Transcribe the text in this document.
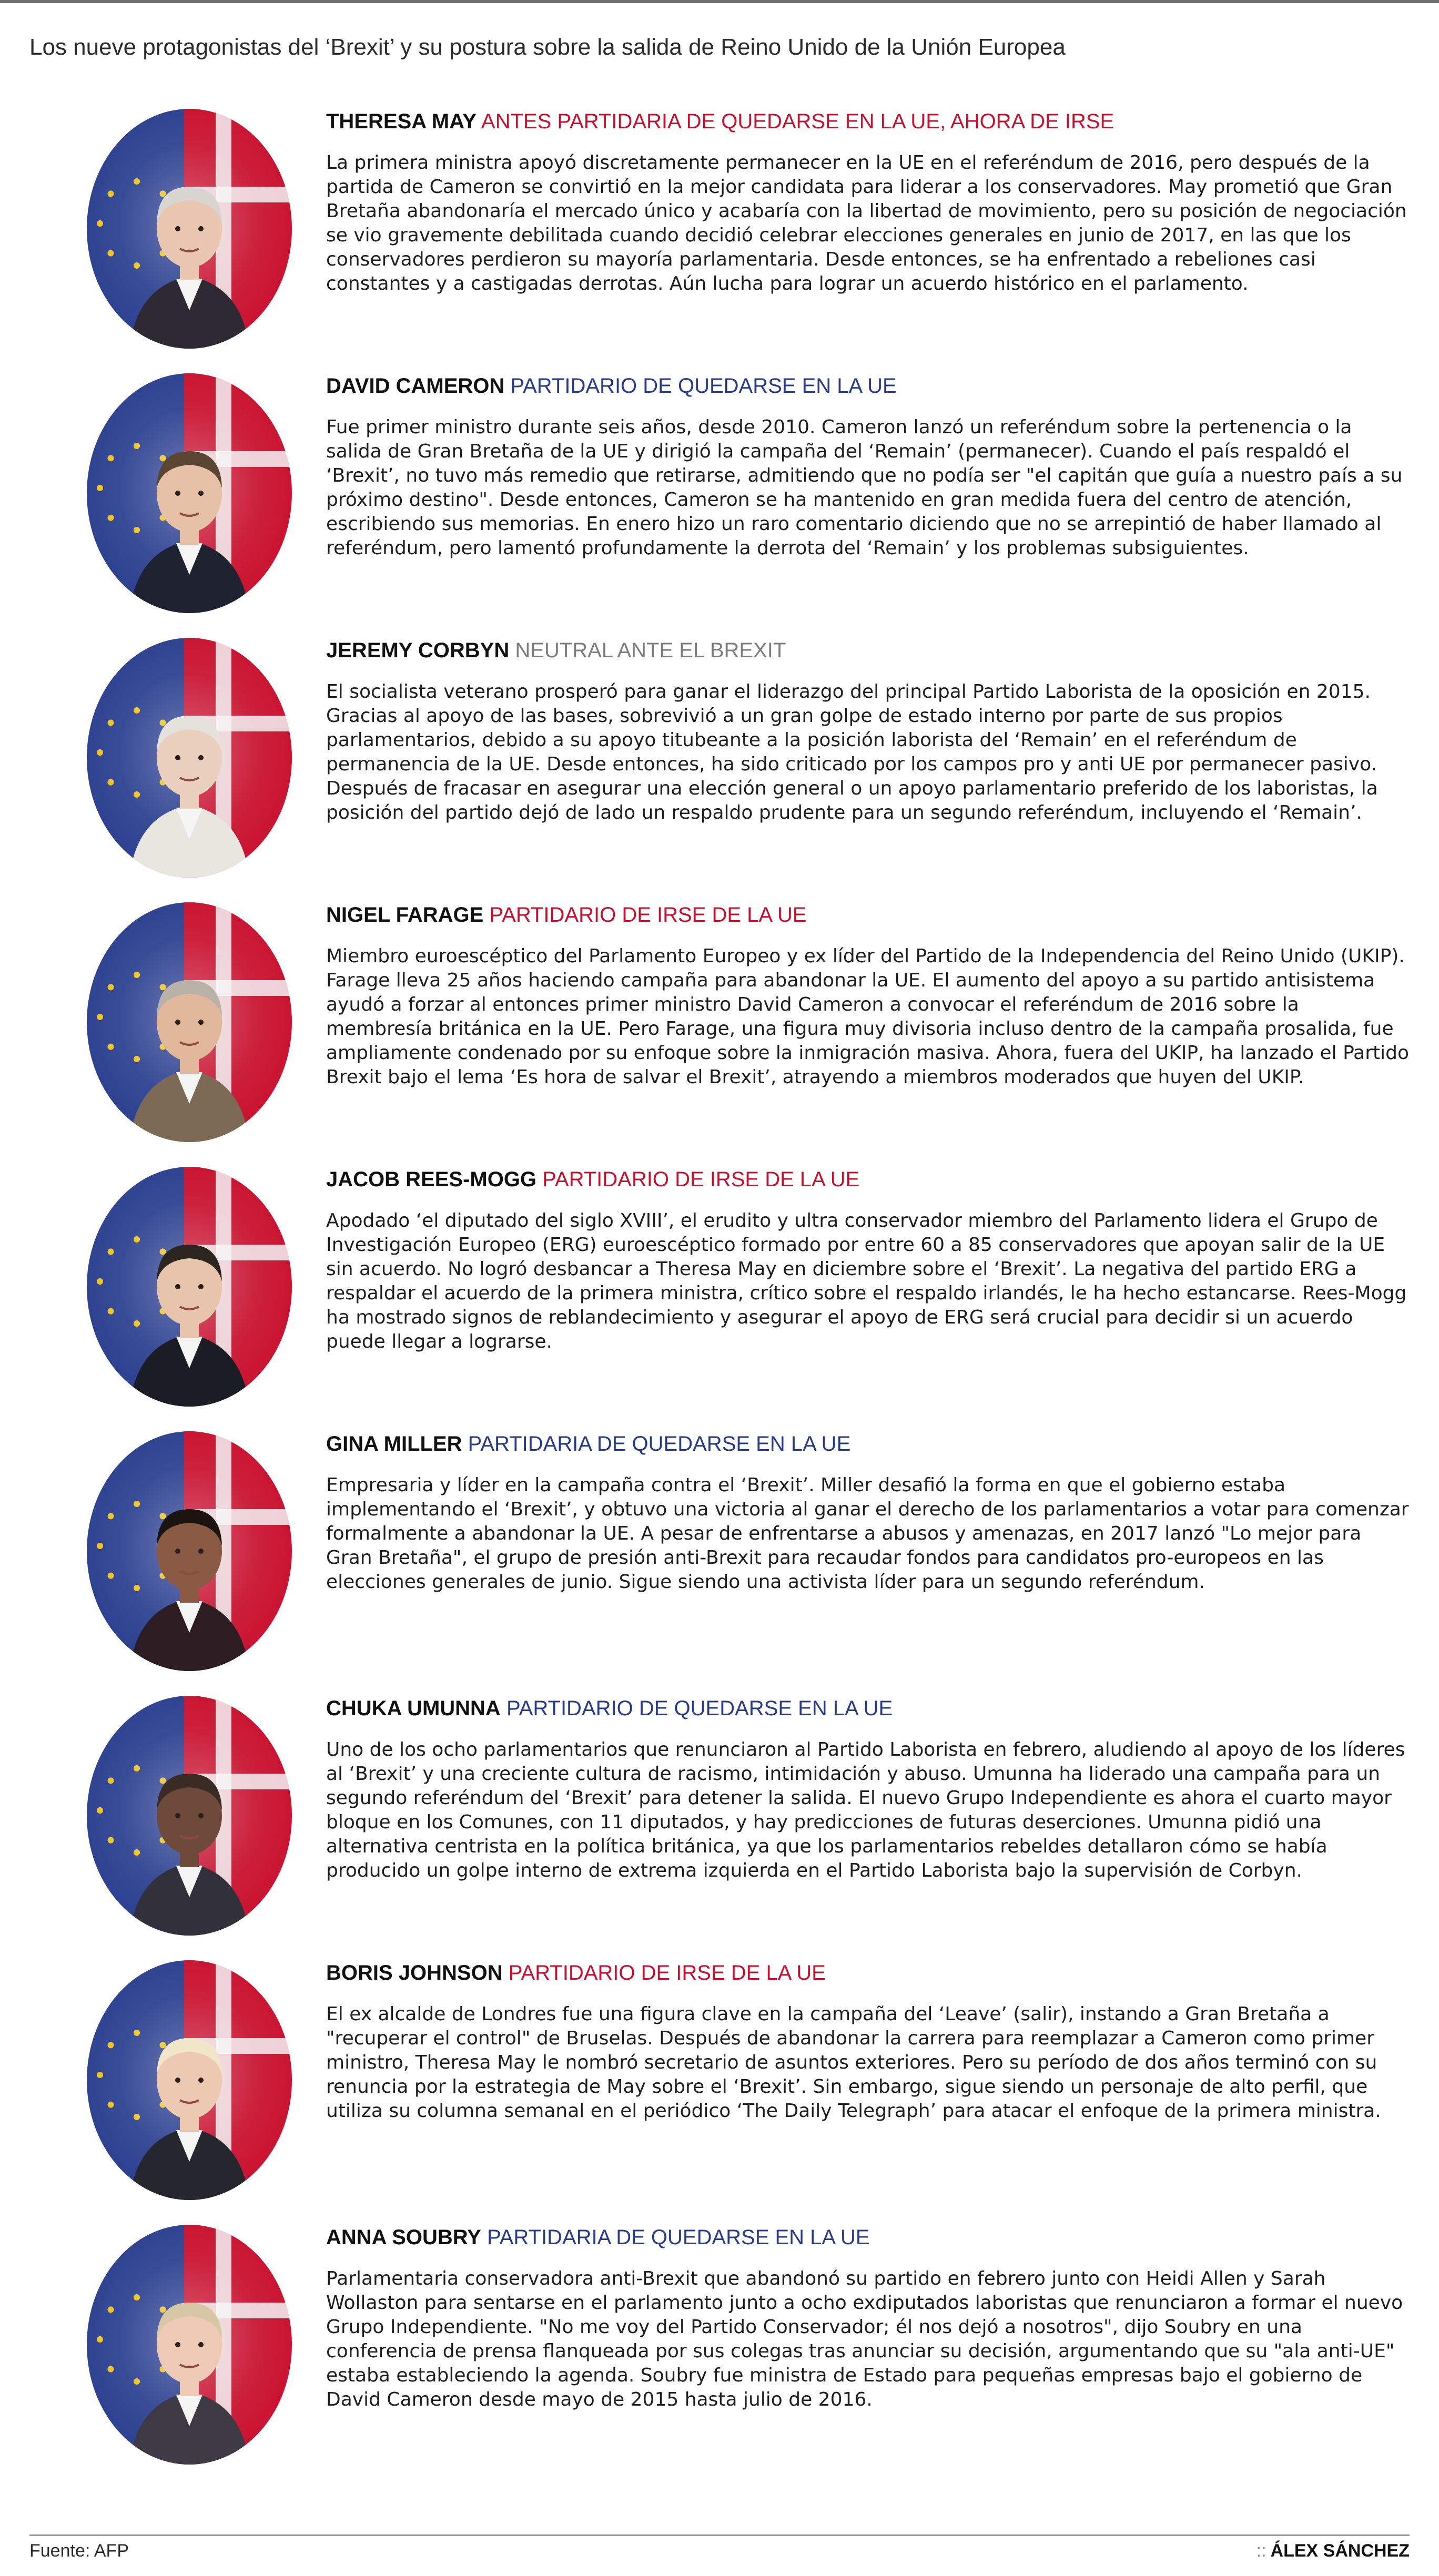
Los nueve protagonistas del ‘Brexit’ y su postura sobre la salida de Reino Unido de la Unión Europea
THERESA MAY ANTES PARTIDARIA DE QUEDARSE EN LA UE, AHORA DE IRSE

La primera ministra apoyó discretamente permanecer en la UE en el referéndum de 2016, pero después de la partida de Cameron se convirtió en la mejor candidata para liderar a los conservadores. May prometió que Gran Bretaña abandonaría el mercado único y acabaría con la libertad de movimiento, pero su posición de negociación se vio gravemente debilitada cuando decidió celebrar elecciones generales en junio de 2017, en las que los conservadores perdieron su mayoría parlamentaria. Desde entonces, se ha enfrentado a rebeliones casi constantes y a castigadas derrotas. Aún lucha para lograr un acuerdo histórico en el parlamento.

DAVID CAMERON PARTIDARIO DE QUEDARSE EN LA UE

Fue primer ministro durante seis años, desde 2010. Cameron lanzó un referéndum sobre la pertenencia o la salida de Gran Bretaña de la UE y dirigió la campaña del ‘Remain’ (permanecer). Cuando el país respaldó el ‘Brexit’, no tuvo más remedio que retirarse, admitiendo que no podía ser "el capitán que guía a nuestro país a su próximo destino". Desde entonces, Cameron se ha mantenido en gran medida fuera del centro de atención, escribiendo sus memorias. En enero hizo un raro comentario diciendo que no se arrepintió de haber llamado al referéndum, pero lamentó profundamente la derrota del ‘Remain’ y los problemas subsiguientes.

JEREMY CORBYN NEUTRAL ANTE EL BREXIT

El socialista veterano prosperó para ganar el liderazgo del principal Partido Laborista de la oposición en 2015. Gracias al apoyo de las bases, sobrevivió a un gran golpe de estado interno por parte de sus propios parlamentarios, debido a su apoyo titubeante a la posición laborista del ‘Remain’ en el referéndum de permanencia de la UE. Desde entonces, ha sido criticado por los campos pro y anti UE por permanecer pasivo. Después de fracasar en asegurar una elección general o un apoyo parlamentario preferido de los laboristas, la posición del partido dejó de lado un respaldo prudente para un segundo referéndum, incluyendo el ‘Remain’.

NIGEL FARAGE PARTIDARIO DE IRSE DE LA UE

Miembro euroescéptico del Parlamento Europeo y ex líder del Partido de la Independencia del Reino Unido (UKIP). Farage lleva 25 años haciendo campaña para abandonar la UE. El aumento del apoyo a su partido antisistema ayudó a forzar al entonces primer ministro David Cameron a convocar el referéndum de 2016 sobre la membresía británica en la UE. Pero Farage, una figura muy divisoria incluso dentro de la campaña prosalida, fue ampliamente condenado por su enfoque sobre la inmigración masiva. Ahora, fuera del UKIP, ha lanzado el Partido Brexit bajo el lema ‘Es hora de salvar el Brexit’, atrayendo a miembros moderados que huyen del UKIP.

JACOB REES-MOGG PARTIDARIO DE IRSE DE LA UE

Apodado ‘el diputado del siglo XVIII’, el erudito y ultra conservador miembro del Parlamento lidera el Grupo de Investigación Europeo (ERG) euroescéptico formado por entre 60 a 85 conservadores que apoyan salir de la UE sin acuerdo. No logró desbancar a Theresa May en diciembre sobre el ‘Brexit’. La negativa del partido ERG a respaldar el acuerdo de la primera ministra, crítico sobre el respaldo irlandés, le ha hecho estancarse. Rees-Mogg ha mostrado signos de reblandecimiento y asegurar el apoyo de ERG será crucial para decidir si un acuerdo puede llegar a lograrse.

GINA MILLER PARTIDARIA DE QUEDARSE EN LA UE

Empresaria y líder en la campaña contra el ‘Brexit’. Miller desafió la forma en que el gobierno estaba implementando el ‘Brexit’, y obtuvo una victoria al ganar el derecho de los parlamentarios a votar para comenzar formalmente a abandonar la UE. A pesar de enfrentarse a abusos y amenazas, en 2017 lanzó "Lo mejor para Gran Bretaña", el grupo de presión anti-Brexit para recaudar fondos para candidatos pro-europeos en las elecciones generales de junio. Sigue siendo una activista líder para un segundo referéndum.

CHUKA UMUNNA PARTIDARIO DE QUEDARSE EN LA UE

Uno de los ocho parlamentarios que renunciaron al Partido Laborista en febrero, aludiendo al apoyo de los líderes al ‘Brexit’ y una creciente cultura de racismo, intimidación y abuso. Umunna ha liderado una campaña para un segundo referéndum del ‘Brexit’ para detener la salida. El nuevo Grupo Independiente es ahora el cuarto mayor bloque en los Comunes, con 11 diputados, y hay predicciones de futuras deserciones. Umunna pidió una alternativa centrista en la política británica, ya que los parlamentarios rebeldes detallaron cómo se había producido un golpe interno de extrema izquierda en el Partido Laborista bajo la supervisión de Corbyn.

BORIS JOHNSON PARTIDARIO DE IRSE DE LA UE

El ex alcalde de Londres fue una figura clave en la campaña del ‘Leave’ (salir), instando a Gran Bretaña a "recuperar el control" de Bruselas. Después de abandonar la carrera para reemplazar a Cameron como primer ministro, Theresa May le nombró secretario de asuntos exteriores. Pero su período de dos años terminó con su renuncia por la estrategia de May sobre el ‘Brexit’. Sin embargo, sigue siendo un personaje de alto perfil, que utiliza su columna semanal en el periódico ‘The Daily Telegraph’ para atacar el enfoque de la primera ministra.

ANNA SOUBRY PARTIDARIA DE QUEDARSE EN LA UE

Parlamentaria conservadora anti-Brexit que abandonó su partido en febrero junto con Heidi Allen y Sarah Wollaston para sentarse en el parlamento junto a ocho exdiputados laboristas que renunciaron a formar el nuevo Grupo Independiente. "No me voy del Partido Conservador; él nos dejó a nosotros", dijo Soubry en una conferencia de prensa flanqueada por sus colegas tras anunciar su decisión, argumentando que su "ala anti-UE" estaba estableciendo la agenda. Soubry fue ministra de Estado para pequeñas empresas bajo el gobierno de David Cameron desde mayo de 2015 hasta julio de 2016.

Fuente: AFP	:: ÁLEX SÁNCHEZ
